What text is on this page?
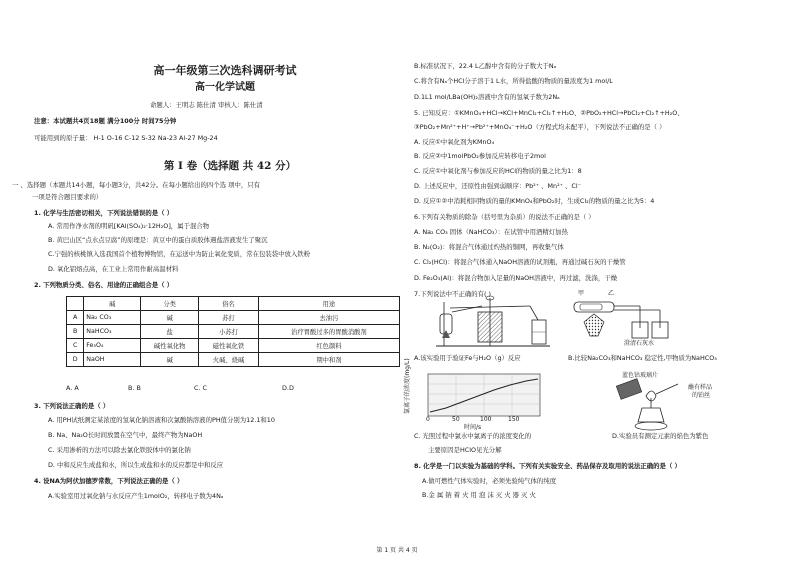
高一年级第三次选科调研考试
高一化学试题
命题人：王明志 陈仕清 审核人：陈仕清
注意：本试题共4页18题 满分100分 时间75分钟
可能用到的原子量： H-1 O-16 C-12 S-32 Na-23 Al-27 Mg-24
第 I 卷（选择题 共 42 分）
一 、选择题（本题共14小题，每小题3分，共42分。在每小题给出的四个选 项中，只有
一项是符合题目要求的）
1. 化学与生活密切相关，下列说法错误的是（ ）
A. 常用作净水剂的明矾[KAl(SO₄)₂·12H₂O]，属于混合物
B. 黄巴山区“点水点豆腐”的原理是：黄豆中的蛋白质胶体遇盐溶液发生了聚沉
C.宁强的核桃镇入选我国首个植物博物馆，在运送中为防止氧化变质，常在包装袋中放入铁粉
D. 氧化铝熔点高，在工业上常用作耐高温材料
2. 下列物质分类、俗名、用途的正确组合是（ ）
	碱	分类	俗名	用途
A	Na₂ CO₃	碱	苏打	去油污
B	NaHCO₃	盐	小苏打	治疗胃酸过多的胃酸消酸剂
C	Fe₃O₄	碱性氧化物	磁性氧化铁	红色颜料
D	NaOH	碱	火碱、烧碱	期中和剂
A. A	B. B	C. C	D.D
3. 下列说法正确的是（ ）
A. 用PH试纸测定某浓度的氢氧化钠溶液和次氯酸钠溶液的PH值分别为12.1和10
B. Na、Na₂O长时间放置在空气中，最终产物为NaOH
C. 采用渗析的方法可以除去氯化铁胶体中的氯化钠
D. 中和反应生成盐和水，所以生成盐和水的反应都是中和反应
4. 设NA为阿伏加德罗常数，下列说法正确的是（ ）
A.实验室用过氧化钠与水反应产生1molO₂，转移电子数为4Nₐ
B.标准状况下，22.4 L乙醇中含有的分子数大于Nₐ
C.将含有Nₐ个HCl分子溶于1 L水，所得盐酸的物质的量浓度为1 mol/L
D.1L1 mol/LBa(OH)₂溶液中含有的氢氧子数为2Nₐ
5. 已知反应：①KMnO₄+HCl→KCl+MnCl₂+Cl₂↑+H₂O、②PbO₂+HCl→PbCl₂+Cl₂↑+H₂O、
③PbO₂+Mn²⁺+H⁺→Pb²⁺+MnO₄⁻+H₂O（方程式均未配平），下列说法不正确的是（ ）
A. 反应①中氧化剂为KMnO₄
B. 反应②中1molPbO₂参加反应转移电子2mol
C. 反应①中氧化剂与参加反应的HCl的物质的量之比为1：8
D. 上述反应中，还原性由强到弱顺序：Pb²⁺ 、Mn²⁺ 、Cl⁻
D. 反应①②中消耗相同物质的量的KMnO₄和PbO₂时，生成Cl₂的物质的量之比为5：4
6.下列有关物质的除杂（括号里为杂质）的说法不正确的是（ ）
A. Na₂ CO₃ 固体（NaHCO₃）：在试管中用酒精灯加热
B. N₂(O₂)：将混合气体通过灼热的铜网，再收集气体
C. Cl₂(HCl)：将混合气体通入NaOH溶液的试剂瓶，再通过碱石灰的干燥管
D. Fe₂O₃(Al)：将混合物加入足量的NaOH溶液中，再过滤，洗涤，干燥
7.下列说法中不正确的有( )	甲	乙
澄清石灰水
A.该实验用于验证Fe与H₂O（g）反应	B.比较Na₂CO₃和NaHCO₃ 稳定性,甲物质为NaHCO₃
氯离子的浓度(mg/L)
0	50	100	150
时间/s
蓝色钴玻璃片
蘸有样品
的铂丝
C. 光照过程中氯水中氯离子的浓度变化的
主要原因是HClO见光分解
D.实验员有测定元素的焰色为紫色
8. 化学是一门以实验为基础的学科。下列有关实验安全、药品保存及取用的说法正确的是（ ）
A.做可燃性气体实验时，必须先验纯气体的纯度
B.金 属 钠 着 火 用 泡 沫 灭 火 器 灭 火
第 1 页 共 4 页
